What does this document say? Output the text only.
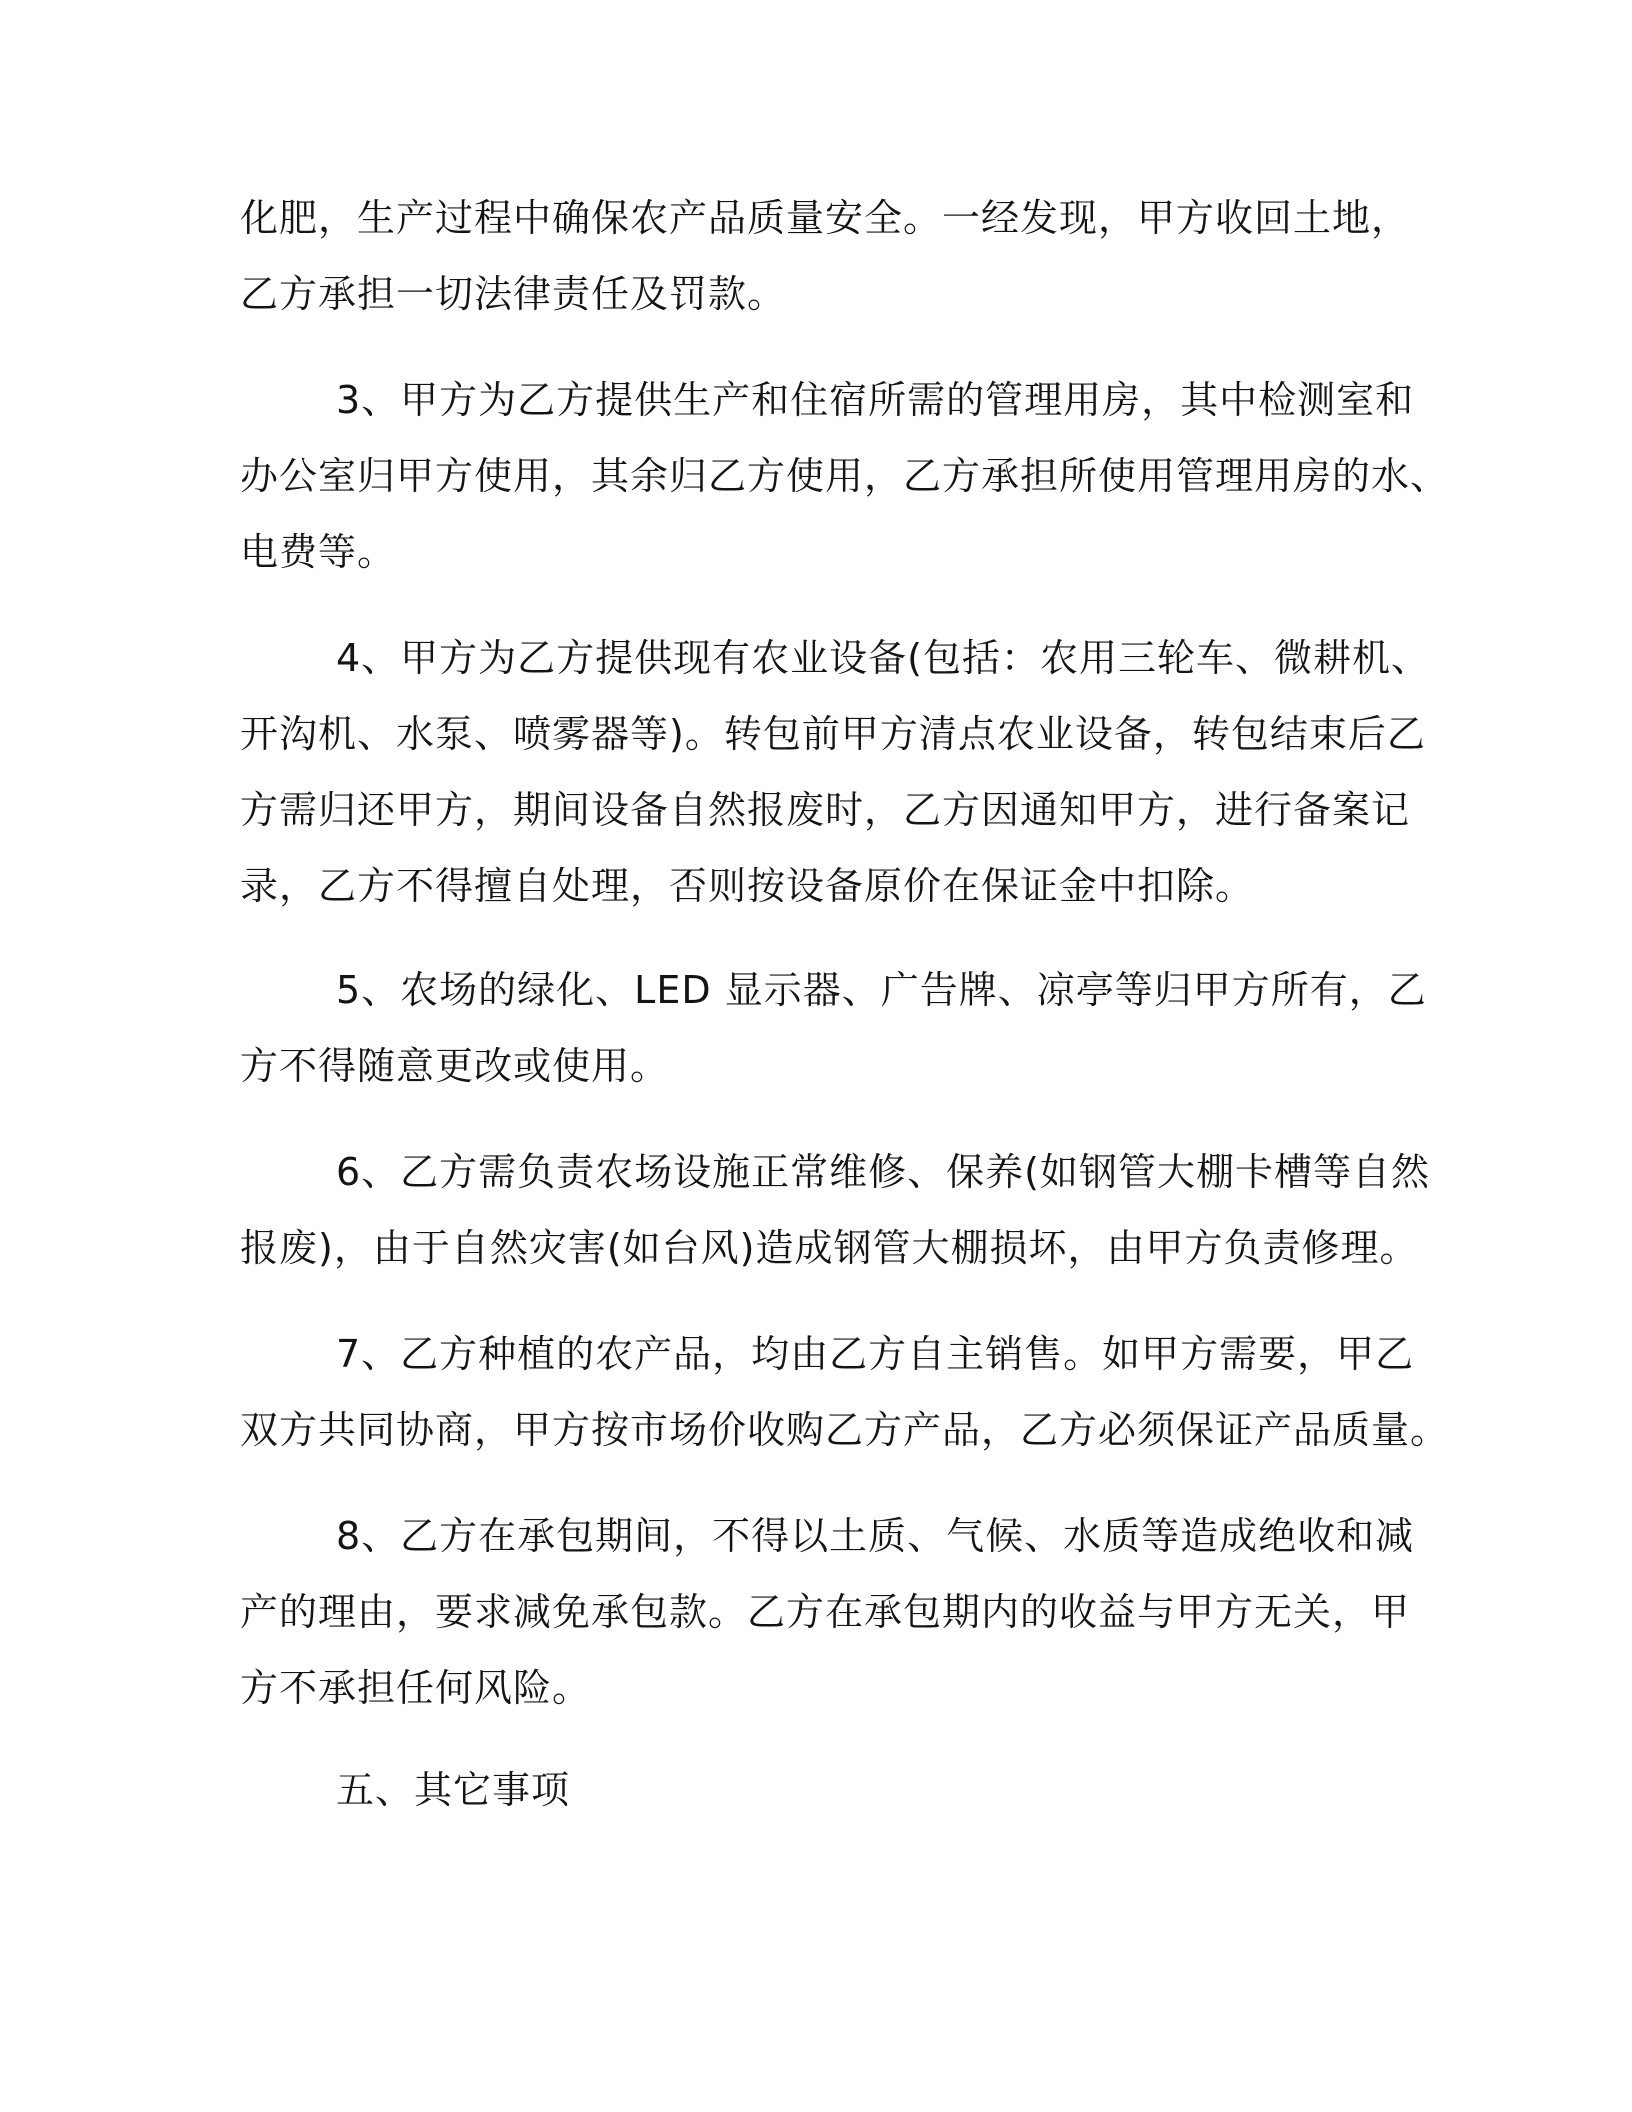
化肥，生产过程中确保农产品质量安全。一经发现，甲方收回土地，
乙方承担一切法律责任及罚款。
3、甲方为乙方提供生产和住宿所需的管理用房，其中检测室和
办公室归甲方使用，其余归乙方使用，乙方承担所使用管理用房的水、
电费等。
4、甲方为乙方提供现有农业设备(包括：农用三轮车、微耕机、
开沟机、水泵、喷雾器等)。转包前甲方清点农业设备，转包结束后乙
方需归还甲方，期间设备自然报废时，乙方因通知甲方，进行备案记
录，乙方不得擅自处理，否则按设备原价在保证金中扣除。
5、农场的绿化、LED 显示器、广告牌、凉亭等归甲方所有，乙
方不得随意更改或使用。
6、乙方需负责农场设施正常维修、保养(如钢管大棚卡槽等自然
报废)，由于自然灾害(如台风)造成钢管大棚损坏，由甲方负责修理。
7、乙方种植的农产品，均由乙方自主销售。如甲方需要，甲乙
双方共同协商，甲方按市场价收购乙方产品，乙方必须保证产品质量。
8、乙方在承包期间，不得以土质、气候、水质等造成绝收和减
产的理由，要求减免承包款。乙方在承包期内的收益与甲方无关，甲
方不承担任何风险。
五、其它事项
